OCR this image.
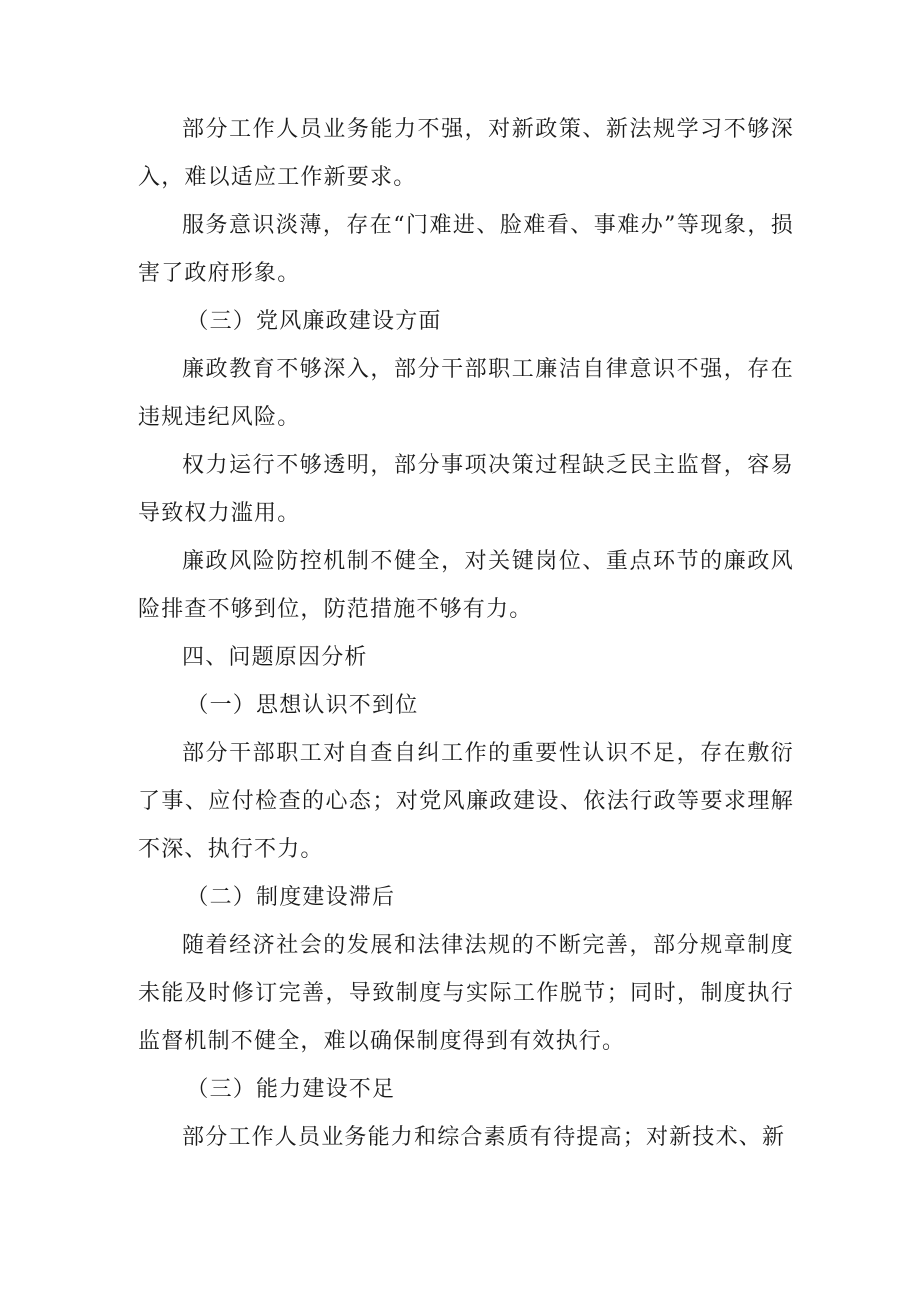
部分工作人员业务能力不强，对新政策、新法规学习不够深入，难以适应工作新要求。

服务意识淡薄，存在“门难进、脸难看、事难办”等现象，损害了政府形象。

（三）党风廉政建设方面

廉政教育不够深入，部分干部职工廉洁自律意识不强，存在违规违纪风险。

权力运行不够透明，部分事项决策过程缺乏民主监督，容易导致权力滥用。

廉政风险防控机制不健全，对关键岗位、重点环节的廉政风险排查不够到位，防范措施不够有力。

四、问题原因分析

（一）思想认识不到位

部分干部职工对自查自纠工作的重要性认识不足，存在敷衍了事、应付检查的心态；对党风廉政建设、依法行政等要求理解不深、执行不力。

（二）制度建设滞后

随着经济社会的发展和法律法规的不断完善，部分规章制度未能及时修订完善，导致制度与实际工作脱节；同时，制度执行监督机制不健全，难以确保制度得到有效执行。

（三）能力建设不足

部分工作人员业务能力和综合素质有待提高；对新技术、新
